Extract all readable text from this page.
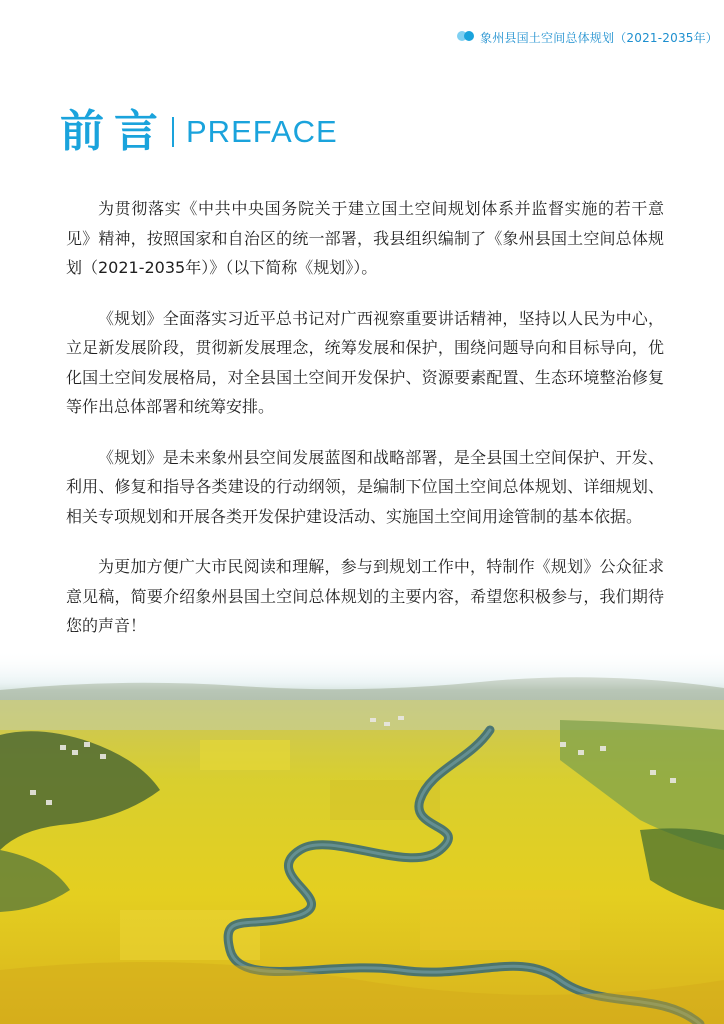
象州县国土空间总体规划（2021-2035年）
前言 PREFACE

为贯彻落实《中共中央国务院关于建立国土空间规划体系并监督实施的若干意见》精神，按照国家和自治区的统一部署，我县组织编制了《象州县国土空间总体规划（2021-2035年）》（以下简称《规划》）。

《规划》全面落实习近平总书记对广西视察重要讲话精神，坚持以人民为中心，立足新发展阶段，贯彻新发展理念，统筹发展和保护，围绕问题导向和目标导向，优化国土空间发展格局，对全县国土空间开发保护、资源要素配置、生态环境整治修复等作出总体部署和统筹安排。

《规划》是未来象州县空间发展蓝图和战略部署，是全县国土空间保护、开发、利用、修复和指导各类建设的行动纲领，是编制下位国土空间总体规划、详细规划、相关专项规划和开展各类开发保护建设活动、实施国土空间用途管制的基本依据。

为更加方便广大市民阅读和理解，参与到规划工作中，特制作《规划》公众征求意见稿，简要介绍象州县国土空间总体规划的主要内容，希望您积极参与，我们期待您的声音！
